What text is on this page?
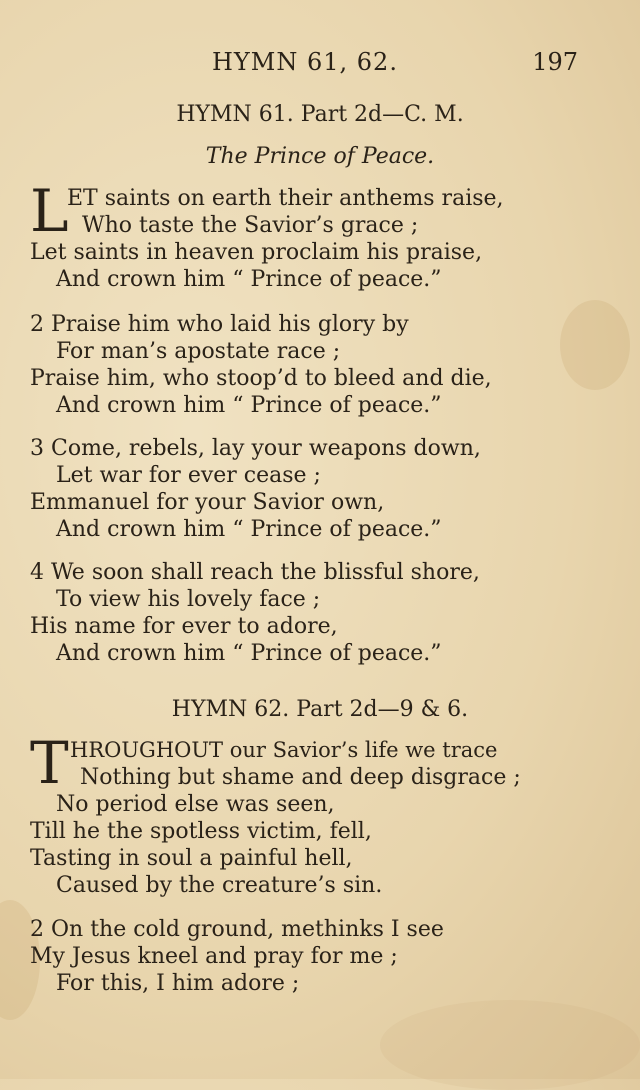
HYMN 61, 62.	197
HYMN 61. Part 2d—C. M.
The Prince of Peace.
L
ET saints on earth their anthems raise,
Who taste the Savior’s grace ;
Let saints in heaven proclaim his praise,
And crown him “ Prince of peace.”
2 Praise him who laid his glory by
For man’s apostate race ;
Praise him, who stoop’d to bleed and die,
And crown him “ Prince of peace.”
3 Come, rebels, lay your weapons down,
Let war for ever cease ;
Emmanuel for your Savior own,
And crown him “ Prince of peace.”
4 We soon shall reach the blissful shore,
To view his lovely face ;
His name for ever to adore,
And crown him “ Prince of peace.”
HYMN 62. Part 2d—9 & 6.
T HROUGHOUT our Savior’s life we trace
Nothing but shame and deep disgrace ;
No period else was seen,
Till he the spotless victim, fell,
Tasting in soul a painful hell,
Caused by the creature’s sin.
2 On the cold ground, methinks I see
My Jesus kneel and pray for me ;
For this, I him adore ;
